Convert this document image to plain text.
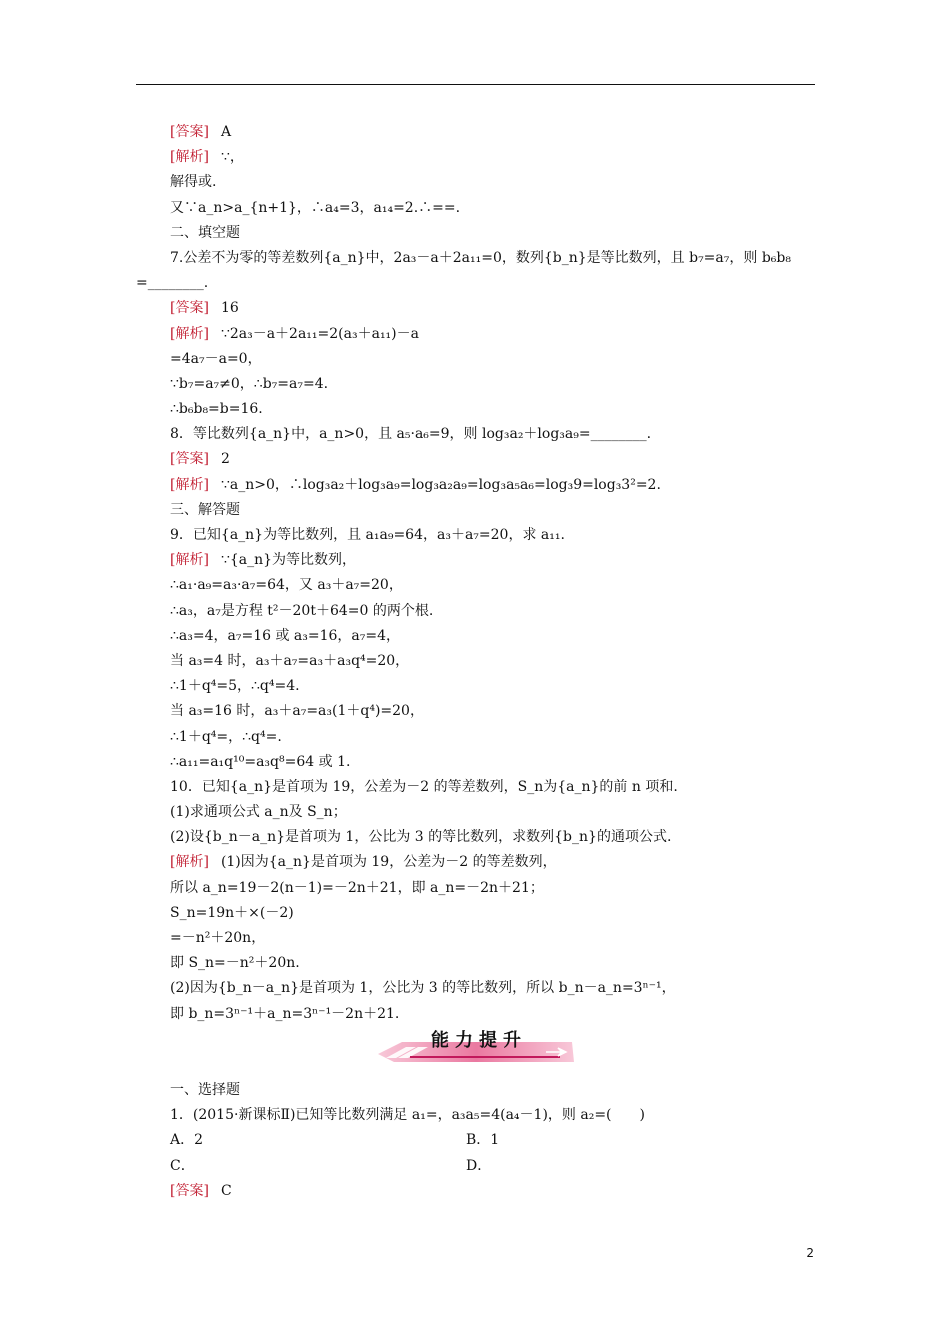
[答案] A
[解析] ∵，
解得或.
又∵a_n>a_{n+1}，∴a₄=3，a₁₄=2.∴==.
二、填空题
7.公差不为零的等差数列{a_n}中，2a₃－a＋2a₁₁=0，数列{b_n}是等比数列，且 b₇=a₇，则 b₆b₈
=________.
[答案] 16
[解析] ∵2a₃－a＋2a₁₁=2(a₃＋a₁₁)－a
=4a₇－a=0，
∵b₇=a₇≠0，∴b₇=a₇=4.
∴b₆b₈=b=16.
8．等比数列{a_n}中，a_n>0，且 a₅·a₆=9，则 log₃a₂＋log₃a₉=________.
[答案] 2
[解析] ∵a_n>0，∴log₃a₂＋log₃a₉=log₃a₂a₉=log₃a₅a₆=log₃9=log₃3²=2.
三、解答题
9．已知{a_n}为等比数列，且 a₁a₉=64，a₃＋a₇=20，求 a₁₁.
[解析] ∵{a_n}为等比数列，
∴a₁·a₉=a₃·a₇=64，又 a₃＋a₇=20，
∴a₃，a₇是方程 t²－20t＋64=0 的两个根.
∴a₃=4，a₇=16 或 a₃=16，a₇=4，
当 a₃=4 时，a₃＋a₇=a₃＋a₃q⁴=20，
∴1＋q⁴=5，∴q⁴=4.
当 a₃=16 时，a₃＋a₇=a₃(1＋q⁴)=20，
∴1＋q⁴=，∴q⁴=.
∴a₁₁=a₁q¹⁰=a₃q⁸=64 或 1.
10．已知{a_n}是首项为 19，公差为－2 的等差数列，S_n为{a_n}的前 n 项和.
(1)求通项公式 a_n及 S_n；
(2)设{b_n－a_n}是首项为 1，公比为 3 的等比数列，求数列{b_n}的通项公式.
[解析] (1)因为{a_n}是首项为 19，公差为－2 的等差数列，
所以 a_n=19－2(n－1)=－2n＋21，即 a_n=－2n＋21；
S_n=19n＋×(－2)
=－n²＋20n，
即 S_n=－n²＋20n.
(2)因为{b_n－a_n}是首项为 1，公比为 3 的等比数列，所以 b_n－a_n=3ⁿ⁻¹，
即 b_n=3ⁿ⁻¹＋a_n=3ⁿ⁻¹－2n＋21.
能力提升
一、选择题
1．(2015·新课标Ⅱ)已知等比数列满足 a₁=，a₃a₅=4(a₄－1)，则 a₂=(　　)
A．2	B．1
C．	D．
[答案] C
2
